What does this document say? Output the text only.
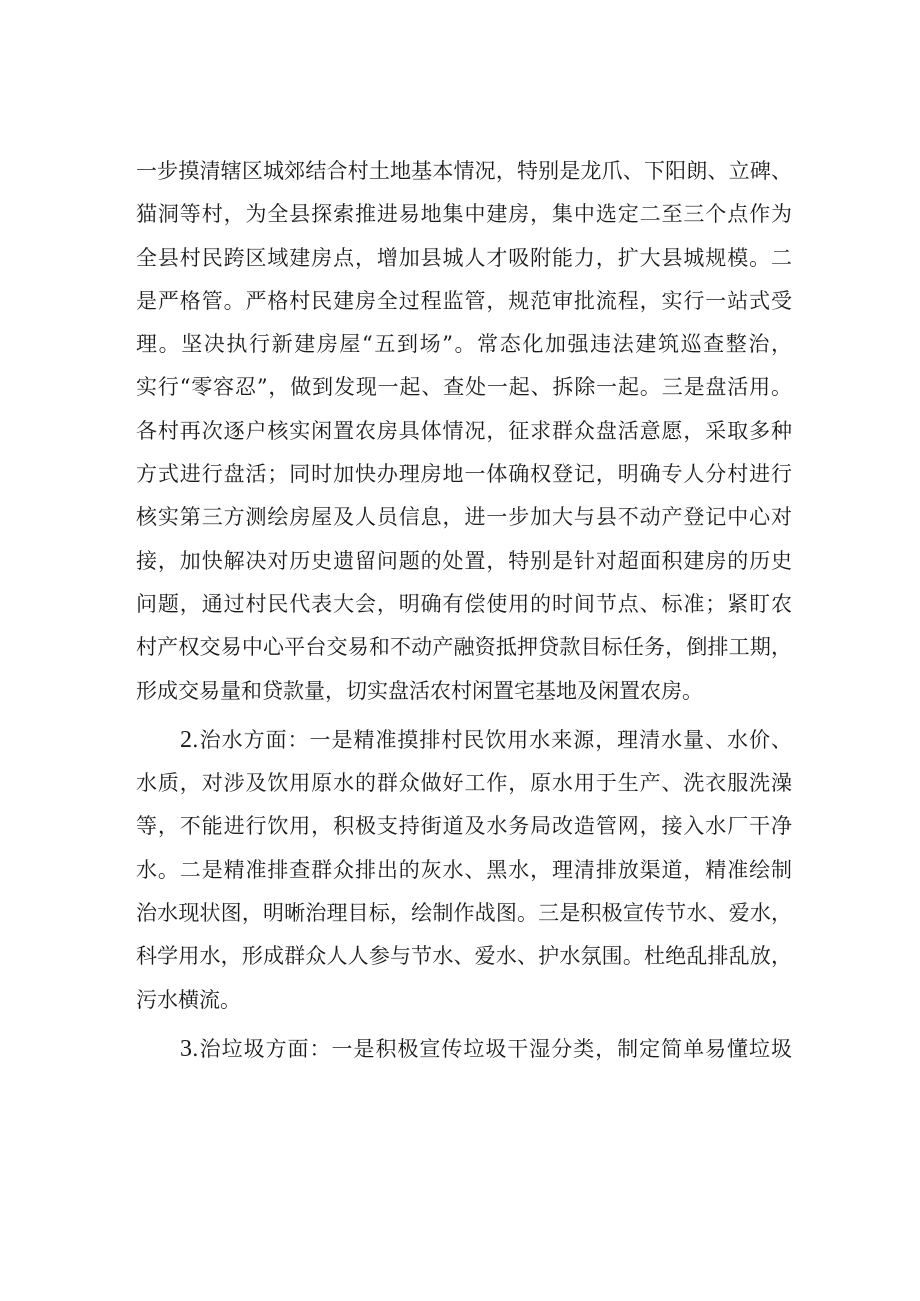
一步摸清辖区城郊结合村土地基本情况，特别是龙爪、下阳朗、立碑、
猫洞等村，为全县探索推进易地集中建房，集中选定二至三个点作为
全县村民跨区域建房点，增加县城人才吸附能力，扩大县城规模。二
是严格管。严格村民建房全过程监管，规范审批流程，实行一站式受
理。坚决执行新建房屋“五到场”。常态化加强违法建筑巡查整治，
实行“零容忍”，做到发现一起、查处一起、拆除一起。三是盘活用。
各村再次逐户核实闲置农房具体情况，征求群众盘活意愿，采取多种
方式进行盘活；同时加快办理房地一体确权登记，明确专人分村进行
核实第三方测绘房屋及人员信息，进一步加大与县不动产登记中心对
接，加快解决对历史遗留问题的处置，特别是针对超面积建房的历史
问题，通过村民代表大会，明确有偿使用的时间节点、标准；紧盯农
村产权交易中心平台交易和不动产融资抵押贷款目标任务，倒排工期，
形成交易量和贷款量，切实盘活农村闲置宅基地及闲置农房。
2.治水方面：一是精准摸排村民饮用水来源，理清水量、水价、
水质，对涉及饮用原水的群众做好工作，原水用于生产、洗衣服洗澡
等，不能进行饮用，积极支持街道及水务局改造管网，接入水厂干净
水。二是精准排查群众排出的灰水、黑水，理清排放渠道，精准绘制
治水现状图，明晰治理目标，绘制作战图。三是积极宣传节水、爱水，
科学用水，形成群众人人参与节水、爱水、护水氛围。杜绝乱排乱放，
污水横流。
3.治垃圾方面：一是积极宣传垃圾干湿分类，制定简单易懂垃圾
